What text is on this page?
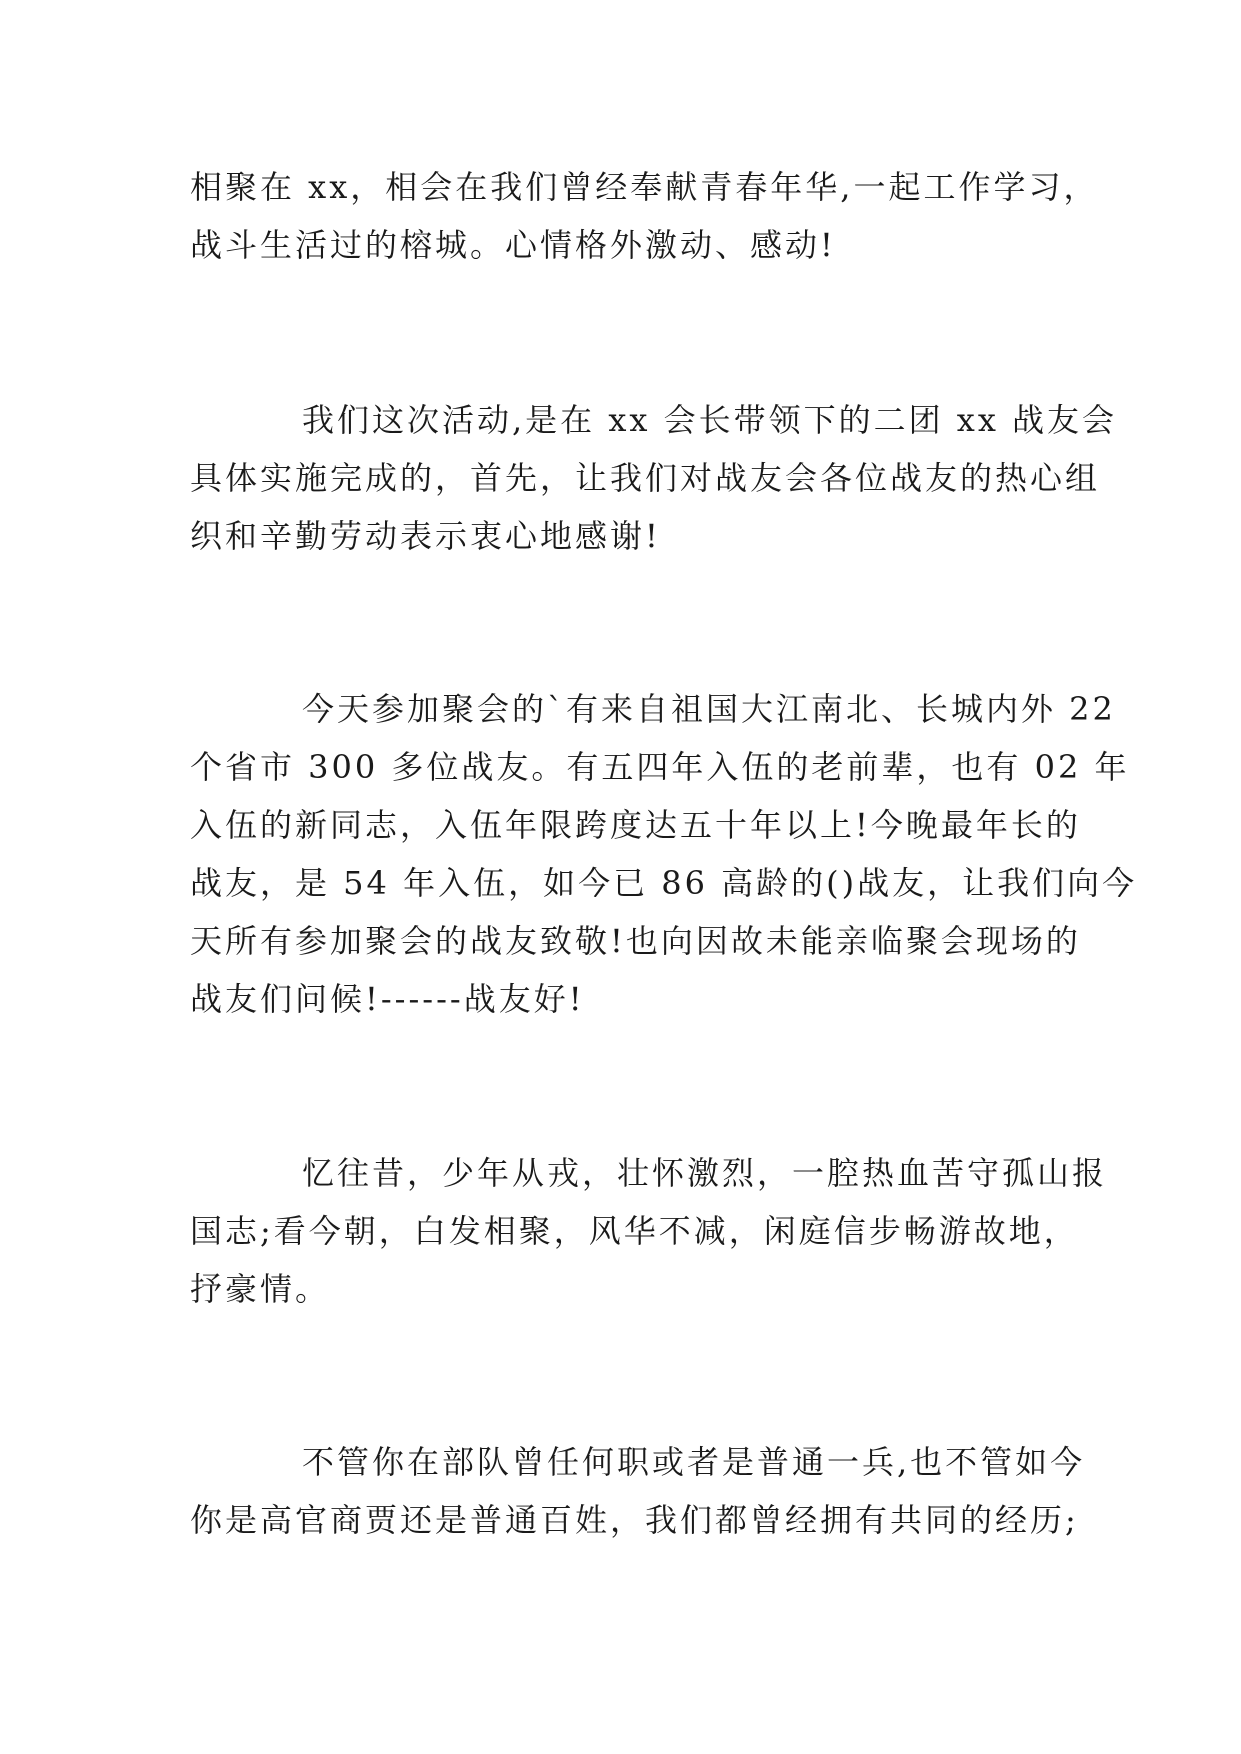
相聚在 xx，相会在我们曾经奉献青春年华,一起工作学习，
战斗生活过的榕城。心情格外激动、感动!
我们这次活动,是在 xx 会长带领下的二团 xx 战友会
具体实施完成的，首先，让我们对战友会各位战友的热心组
织和辛勤劳动表示衷心地感谢!
今天参加聚会的`有来自祖国大江南北、长城内外 22
个省市 300 多位战友。有五四年入伍的老前辈，也有 02 年
入伍的新同志，入伍年限跨度达五十年以上!今晚最年长的
战友，是 54 年入伍，如今已 86 高龄的()战友，让我们向今
天所有参加聚会的战友致敬!也向因故未能亲临聚会现场的
战友们问候!------战友好!
忆往昔，少年从戎，壮怀激烈，一腔热血苦守孤山报
国志;看今朝，白发相聚，风华不减，闲庭信步畅游故地，
抒豪情。
不管你在部队曾任何职或者是普通一兵,也不管如今
你是高官商贾还是普通百姓，我们都曾经拥有共同的经历;
